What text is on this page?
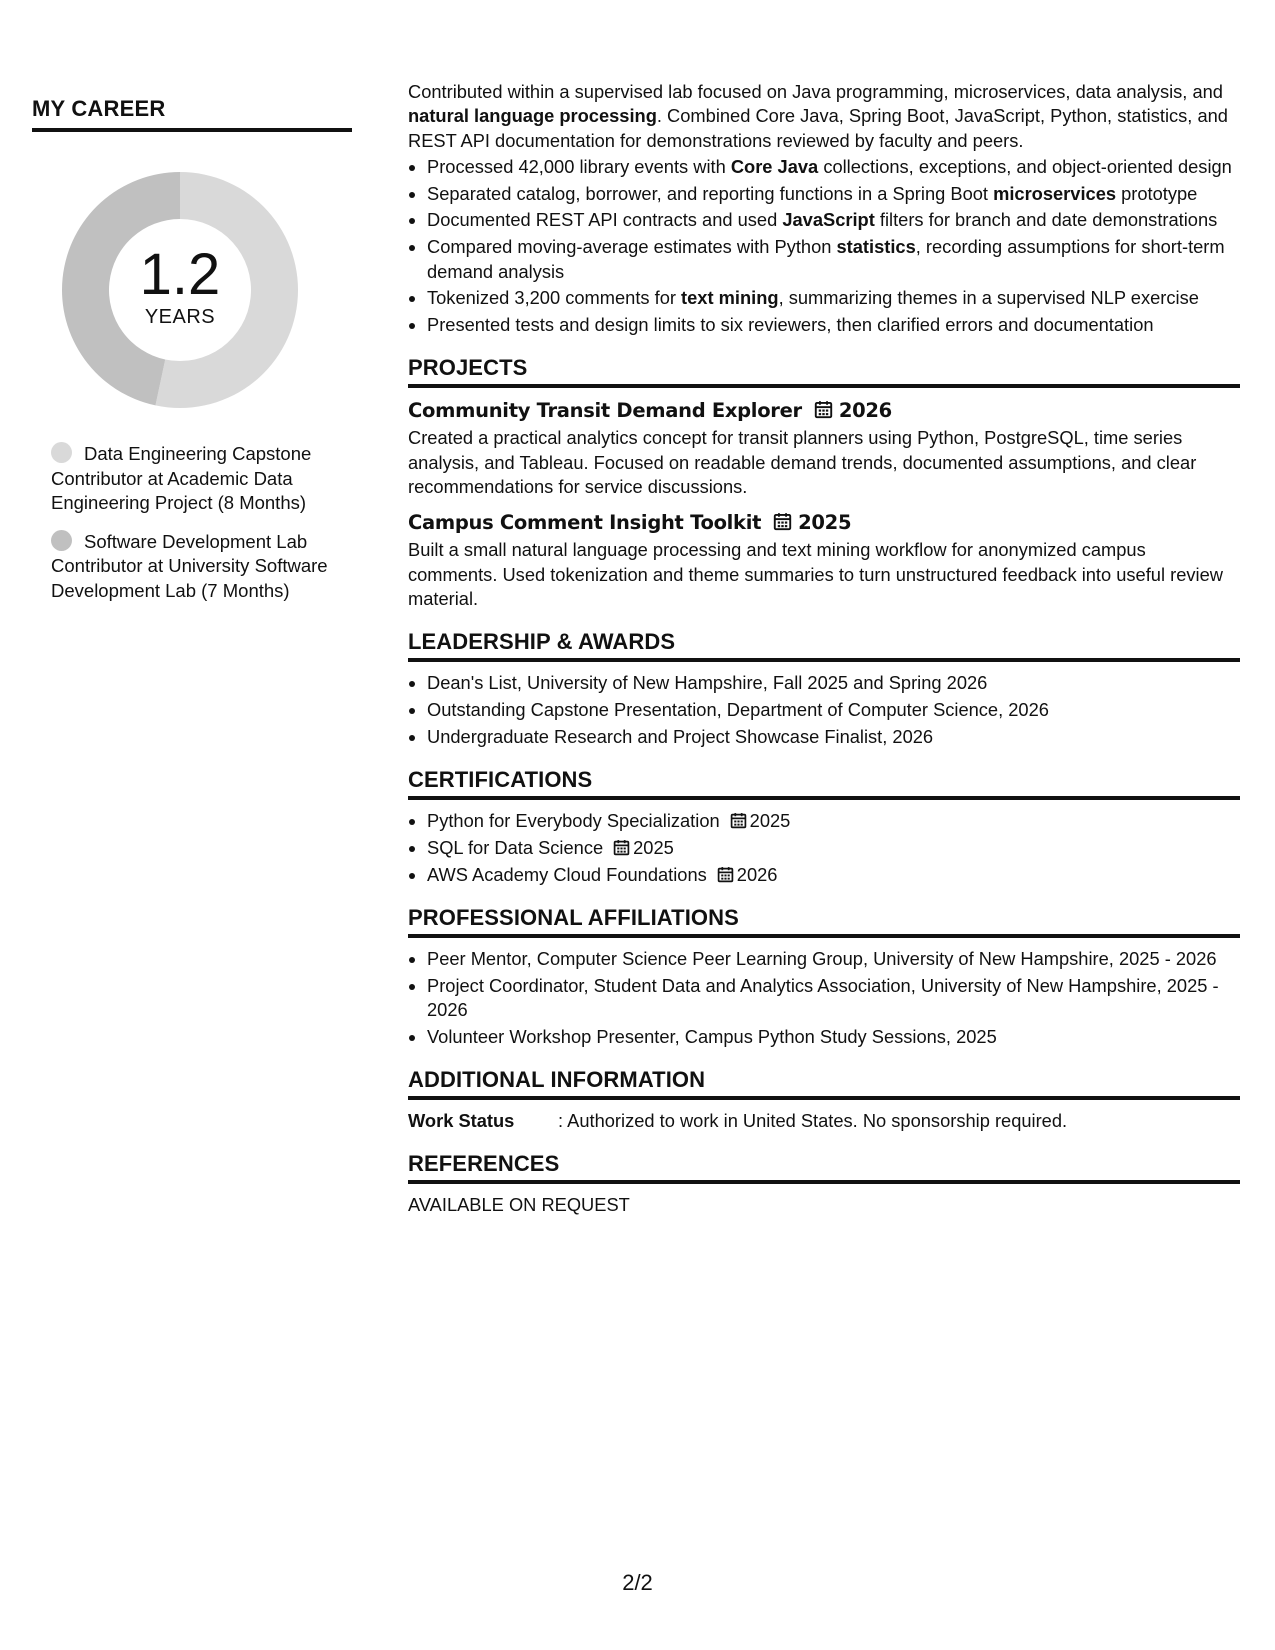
MY CAREER
1.2
YEARS
Data Engineering Capstone Contributor at Academic Data Engineering Project (8 Months)
Software Development Lab Contributor at University Software Development Lab (7 Months)

Contributed within a supervised lab focused on Java programming, microservices, data analysis, and natural language processing. Combined Core Java, Spring Boot, JavaScript, Python, statistics, and REST API documentation for demonstrations reviewed by faculty and peers.

• Processed 42,000 library events with Core Java collections, exceptions, and object-oriented design
• Separated catalog, borrower, and reporting functions in a Spring Boot microservices prototype
• Documented REST API contracts and used JavaScript filters for branch and date demonstrations
• Compared moving-average estimates with Python statistics, recording assumptions for short-term demand analysis
• Tokenized 3,200 comments for text mining, summarizing themes in a supervised NLP exercise
• Presented tests and design limits to six reviewers, then clarified errors and documentation
PROJECTS
Community Transit Demand Explorer 2026

Created a practical analytics concept for transit planners using Python, PostgreSQL, time series analysis, and Tableau. Focused on readable demand trends, documented assumptions, and clear recommendations for service discussions.

Campus Comment Insight Toolkit 2025

Built a small natural language processing and text mining workflow for anonymized campus comments. Used tokenization and theme summaries to turn unstructured feedback into useful review material.

LEADERSHIP & AWARDS
• Dean's List, University of New Hampshire, Fall 2025 and Spring 2026
• Outstanding Capstone Presentation, Department of Computer Science, 2026
• Undergraduate Research and Project Showcase Finalist, 2026
CERTIFICATIONS
• Python for Everybody Specialization 2025
• SQL for Data Science 2025
• AWS Academy Cloud Foundations 2026
PROFESSIONAL AFFILIATIONS
• Peer Mentor, Computer Science Peer Learning Group, University of New Hampshire, 2025 - 2026
• Project Coordinator, Student Data and Analytics Association, University of New Hampshire, 2025 - 2026
• Volunteer Workshop Presenter, Campus Python Study Sessions, 2025
ADDITIONAL INFORMATION
Work Status : Authorized to work in United States. No sponsorship required.
REFERENCES
AVAILABLE ON REQUEST
2/2
